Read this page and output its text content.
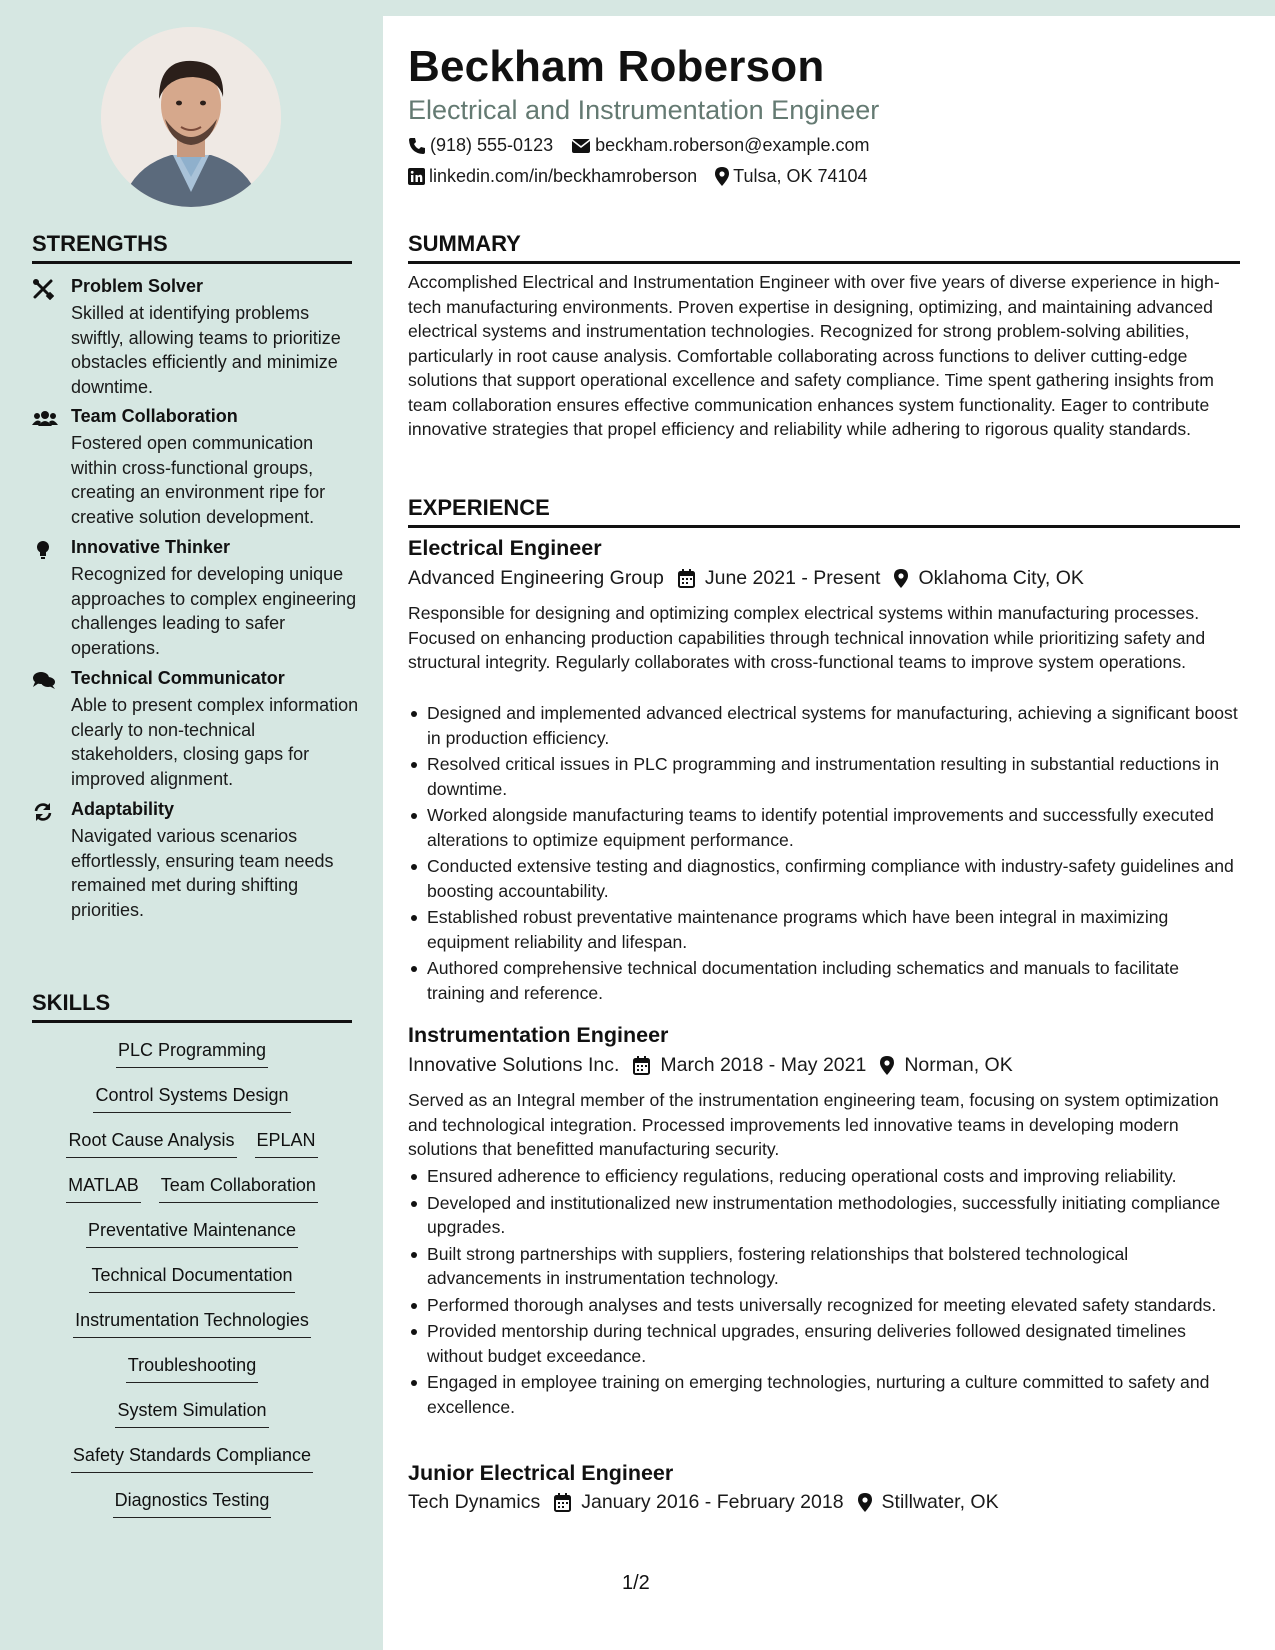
STRENGTHS
Problem Solver
Skilled at identifying problems swiftly, allowing teams to prioritize obstacles efficiently and minimize downtime.
Team Collaboration
Fostered open communication within cross-functional groups, creating an environment ripe for creative solution development.
Innovative Thinker
Recognized for developing unique approaches to complex engineering challenges leading to safer operations.
Technical Communicator
Able to present complex information clearly to non-technical stakeholders, closing gaps for improved alignment.
Adaptability
Navigated various scenarios effortlessly, ensuring team needs remained met during shifting priorities.
SKILLS
PLC Programming
Control Systems Design
Root Cause Analysis EPLAN
MATLAB Team Collaboration
Preventative Maintenance
Technical Documentation
Instrumentation Technologies
Troubleshooting
System Simulation
Safety Standards Compliance
Diagnostics Testing
Beckham Roberson
Electrical and Instrumentation Engineer
(918) 555-0123 beckham.roberson@example.com
linkedin.com/in/beckhamroberson Tulsa, OK 74104
SUMMARY
Accomplished Electrical and Instrumentation Engineer with over five years of diverse experience in high-tech manufacturing environments. Proven expertise in designing, optimizing, and maintaining advanced electrical systems and instrumentation technologies. Recognized for strong problem-solving abilities, particularly in root cause analysis. Comfortable collaborating across functions to deliver cutting-edge solutions that support operational excellence and safety compliance. Time spent gathering insights from team collaboration ensures effective communication enhances system functionality. Eager to contribute innovative strategies that propel efficiency and reliability while adhering to rigorous quality standards.
EXPERIENCE
Electrical Engineer
Advanced Engineering Group June 2021 - Present Oklahoma City, OK
Responsible for designing and optimizing complex electrical systems within manufacturing processes. Focused on enhancing production capabilities through technical innovation while prioritizing safety and structural integrity. Regularly collaborates with cross-functional teams to improve system operations.
Designed and implemented advanced electrical systems for manufacturing, achieving a significant boost in production efficiency.
Resolved critical issues in PLC programming and instrumentation resulting in substantial reductions in downtime.
Worked alongside manufacturing teams to identify potential improvements and successfully executed alterations to optimize equipment performance.
Conducted extensive testing and diagnostics, confirming compliance with industry-safety guidelines and boosting accountability.
Established robust preventative maintenance programs which have been integral in maximizing equipment reliability and lifespan.
Authored comprehensive technical documentation including schematics and manuals to facilitate training and reference.
Instrumentation Engineer
Innovative Solutions Inc. March 2018 - May 2021 Norman, OK
Served as an Integral member of the instrumentation engineering team, focusing on system optimization and technological integration. Processed improvements led innovative teams in developing modern solutions that benefitted manufacturing security.
Ensured adherence to efficiency regulations, reducing operational costs and improving reliability.
Developed and institutionalized new instrumentation methodologies, successfully initiating compliance upgrades.
Built strong partnerships with suppliers, fostering relationships that bolstered technological advancements in instrumentation technology.
Performed thorough analyses and tests universally recognized for meeting elevated safety standards.
Provided mentorship during technical upgrades, ensuring deliveries followed designated timelines without budget exceedance.
Engaged in employee training on emerging technologies, nurturing a culture committed to safety and excellence.
Junior Electrical Engineer
Tech Dynamics January 2016 - February 2018 Stillwater, OK
1/2
